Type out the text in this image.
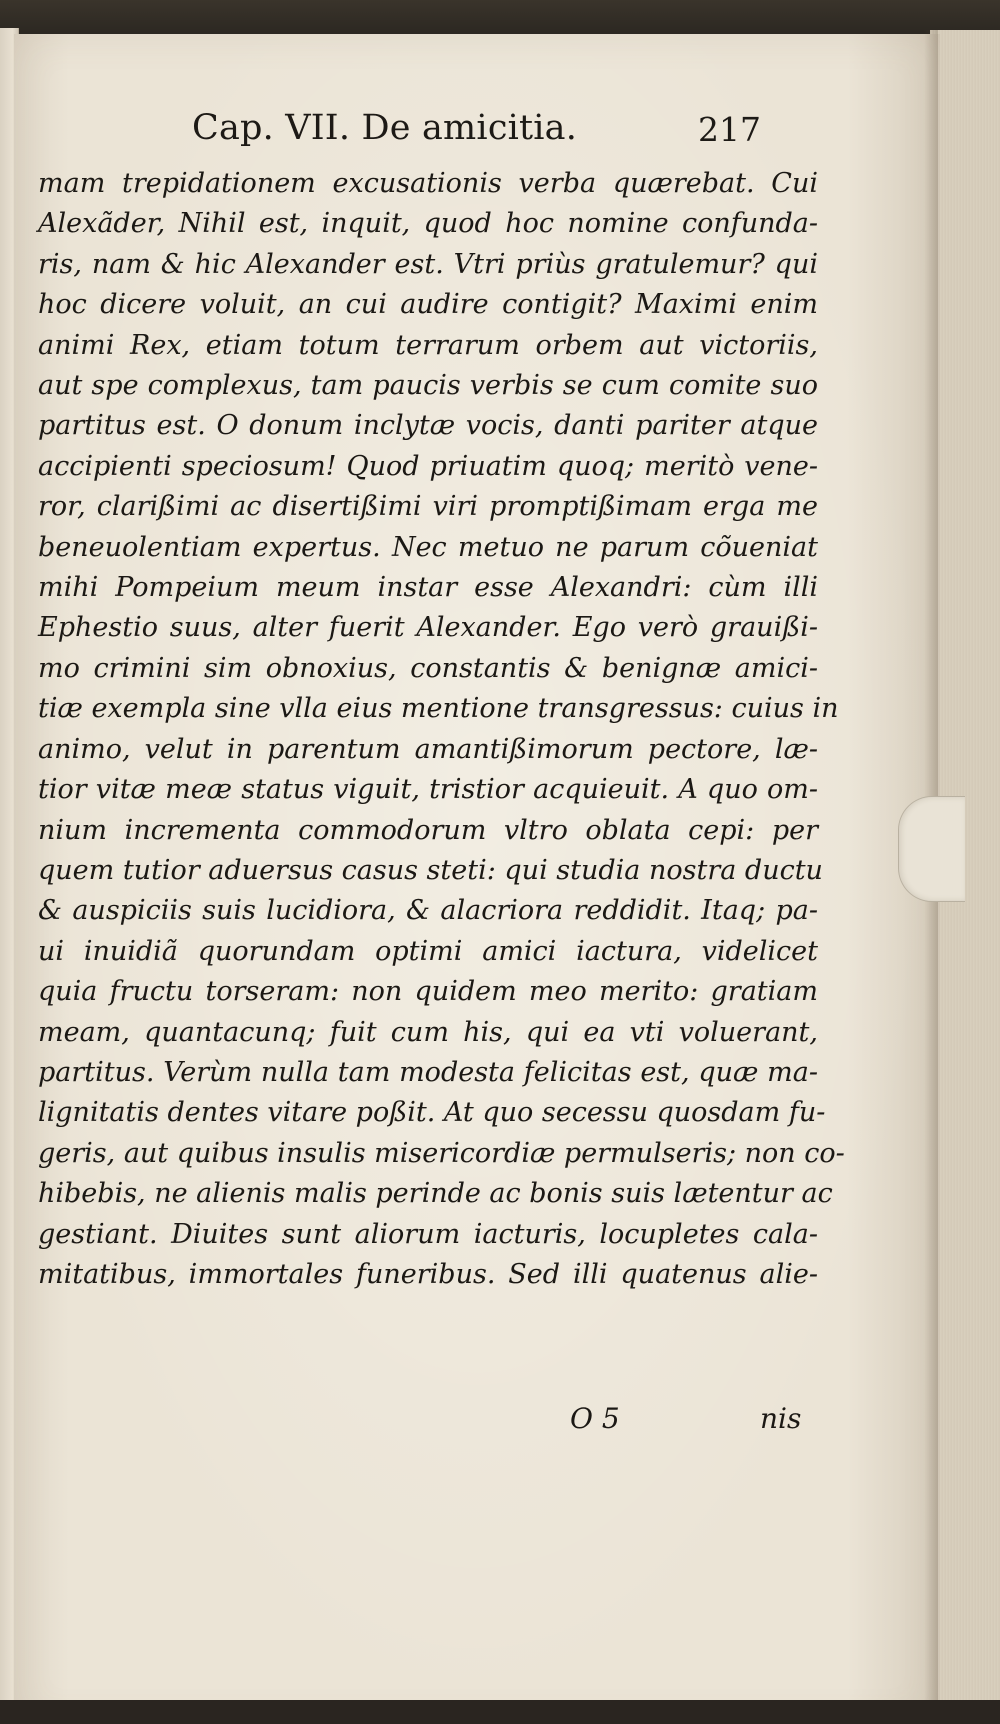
Cap. VII. De amicitia.	217
mam trepidationem excusationis verba quærebat. Cui
Alexãder, Nihil est, inquit, quod hoc nomine confunda-
ris, nam & hic Alexander est. Vtri priùs gratulemur? qui
hoc dicere voluit, an cui audire contigit? Maximi enim
animi Rex, etiam totum terrarum orbem aut victoriis,
aut spe complexus, tam paucis verbis se cum comite suo
partitus est. O donum inclytæ vocis, danti pariter atque
accipienti speciosum! Quod priuatim quoq; meritò vene-
ror, clarißimi ac disertißimi viri promptißimam erga me
beneuolentiam expertus. Nec metuo ne parum cõueniat
mihi Pompeium meum instar esse Alexandri: cùm illi
Ephestio suus, alter fuerit Alexander. Ego verò grauißi-
mo crimini sim obnoxius, constantis & benignæ amici-
tiæ exempla sine vlla eius mentione transgressus: cuius in
animo, velut in parentum amantißimorum pectore, læ-
tior vitæ meæ status viguit, tristior acquieuit. A quo om-
nium incrementa commodorum vltro oblata cepi: per
quem tutior aduersus casus steti: qui studia nostra ductu
& auspiciis suis lucidiora, & alacriora reddidit. Itaq; pa-
ui inuidiã quorundam optimi amici iactura, videlicet
quia fructu torseram: non quidem meo merito: gratiam
meam, quantacunq; fuit cum his, qui ea vti voluerant,
partitus. Verùm nulla tam modesta felicitas est, quæ ma-
lignitatis dentes vitare poßit. At quo secessu quosdam fu-
geris, aut quibus insulis misericordiæ permulseris; non co-
hibebis, ne alienis malis perinde ac bonis suis lætentur ac
gestiant. Diuites sunt aliorum iacturis, locupletes cala-
mitatibus, immortales funeribus. Sed illi quatenus alie-
O 5	nis
